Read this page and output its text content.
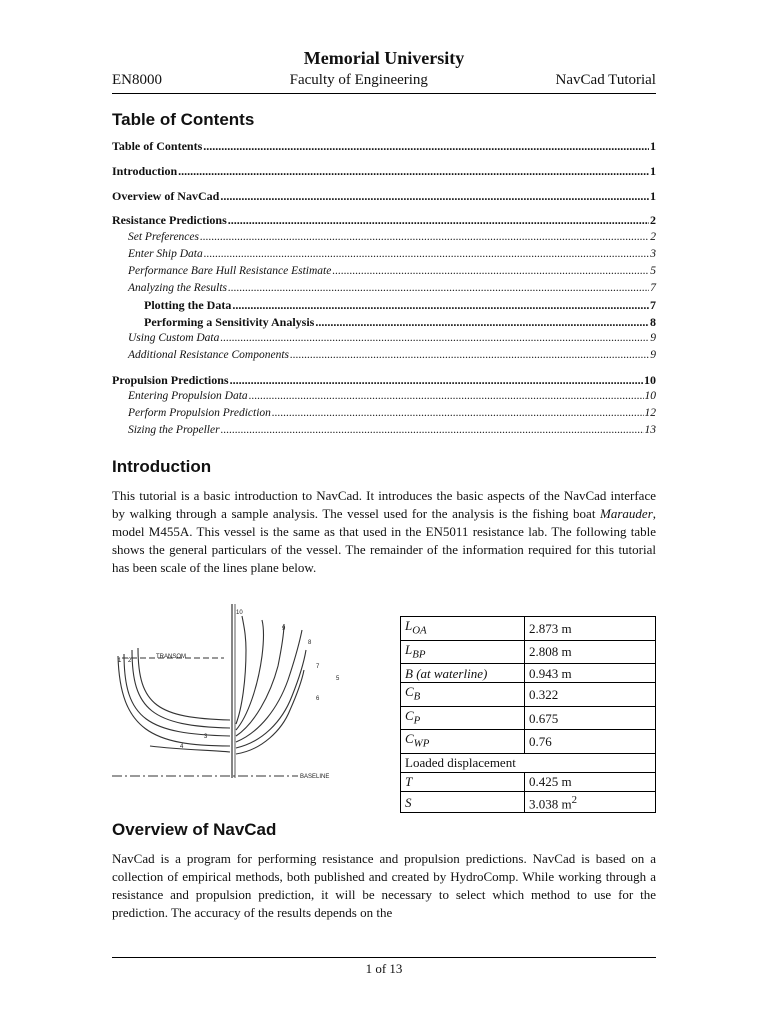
Memorial University
EN8000	Faculty of Engineering	NavCad Tutorial
Table of Contents
Table of Contents .....	1
Introduction .....	1
Overview of NavCad .....	1
Resistance Predictions .....	2
Set Preferences .....	2
Enter Ship Data .....	3
Performance Bare Hull Resistance Estimate .....	5
Analyzing the Results .....	7
Plotting the Data .....	7
Performing a Sensitivity Analysis .....	8
Using Custom Data .....	9
Additional Resistance Components .....	9
Propulsion Predictions .....	10
Entering Propulsion Data .....	10
Perform Propulsion Prediction .....	12
Sizing the Propeller .....	13
Introduction

This tutorial is a basic introduction to NavCad. It introduces the basic aspects of the NavCad interface by walking through a sample analysis. The vessel used for the analysis is the fishing boat Marauder, model M455A. This vessel is the same as that used in the EN5011 resistance lab. The following table shows the general particulars of the vessel. The remainder of the information required for this tutorial has been scale of the lines plane below.

TRANSOM
BASELINE
10
9
8
7
6
5
4
3
2
1
$L_{OA}$	2.873 m
$L_{BP}$	2.808 m
B (at waterline)	0.943 m
$C_B$	0.322
$C_P$	0.675
$C_{WP}$	0.76
Loaded displacement	
T	0.425 m
S	3.038 $m^2$
Overview of NavCad

NavCad is a program for performing resistance and propulsion predictions. NavCad is based on a collection of empirical methods, both published and created by HydroComp. While working through a resistance and propulsion prediction, it will be necessary to select which method to use for the prediction. The accuracy of the results depends on the

1 of 13
